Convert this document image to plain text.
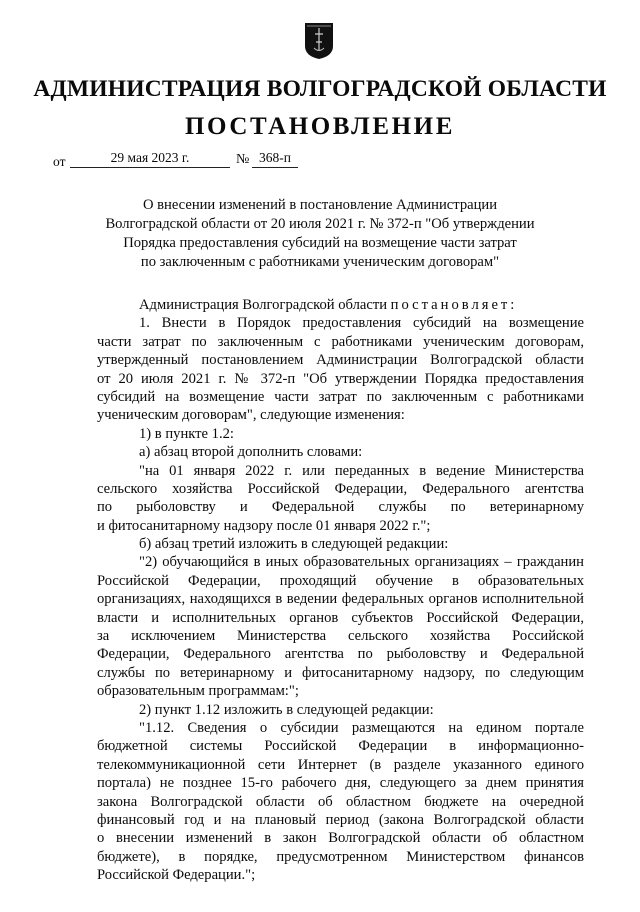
АДМИНИСТРАЦИЯ ВОЛГОГРАДСКОЙ ОБЛАСТИ
ПОСТАНОВЛЕНИЕ
от	29 мая 2023 г.	№ 368-п
О внесении изменений в постановление Администрации
Волгоградской области от 20 июля 2021 г. № 372-п "Об утверждении
Порядка предоставления субсидий на возмещение части затрат
по заключенным с работниками ученическим договорам"
Администрация Волгоградской области постановляет:
1. Внести в Порядок предоставления субсидий на возмещение
части затрат по заключенным с работниками ученическим договорам,
утвержденный постановлением Администрации Волгоградской области
от 20 июля 2021 г. № 372-п "Об утверждении Порядка предоставления
субсидий на возмещение части затрат по заключенным с работниками
ученическим договорам", следующие изменения:
1) в пункте 1.2:
а) абзац второй дополнить словами:
"на 01 января 2022 г. или переданных в ведение Министерства
сельского хозяйства Российской Федерации, Федерального агентства
по рыболовству и Федеральной службы по ветеринарному
и фитосанитарному надзору после 01 января 2022 г.";
б) абзац третий изложить в следующей редакции:
"2) обучающийся в иных образовательных организациях – гражданин
Российской Федерации, проходящий обучение в образовательных
организациях, находящихся в ведении федеральных органов исполнительной
власти и исполнительных органов субъектов Российской Федерации,
за исключением Министерства сельского хозяйства Российской
Федерации, Федерального агентства по рыболовству и Федеральной
службы по ветеринарному и фитосанитарному надзору, по следующим
образовательным программам:";
2) пункт 1.12 изложить в следующей редакции:
"1.12. Сведения о субсидии размещаются на едином портале
бюджетной системы Российской Федерации в информационно-
телекоммуникационной сети Интернет (в разделе указанного единого
портала) не позднее 15-го рабочего дня, следующего за днем принятия
закона Волгоградской области об областном бюджете на очередной
финансовый год и на плановый период (закона Волгоградской области
о внесении изменений в закон Волгоградской области об областном
бюджете), в порядке, предусмотренном Министерством финансов
Российской Федерации.";
